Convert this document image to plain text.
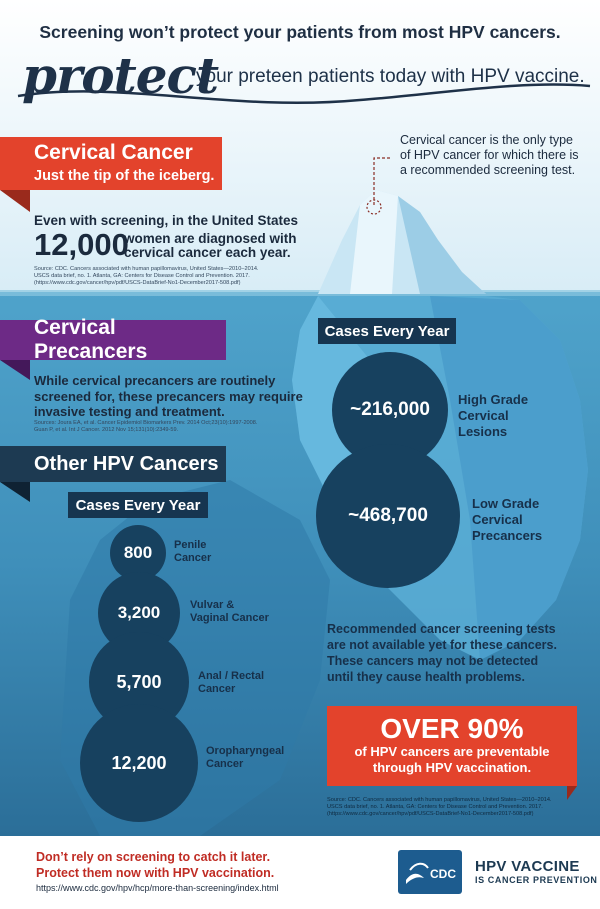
Screening won’t protect your patients from most HPV cancers.
protect
your preteen patients today with HPV vaccine.
Cervical Cancer
Just the tip of the iceberg.
Cervical cancer is the only type of HPV cancer for which there is a recommended screening test.
Even with screening, in the United States
12,000
women are diagnosed with
cervical cancer each year.
Source: CDC. Cancers associated with human papillomavirus, United States—2010–2014.
USCS data brief, no. 1. Atlanta, GA: Centers for Disease Control and Prevention. 2017.
(https://www.cdc.gov/cancer/hpv/pdf/USCS-DataBrief-No1-December2017-508.pdf)
Cervical Precancers
While cervical precancers are routinely
screened for, these precancers may require
invasive testing and treatment.
Sources: Joura EA, et al. Cancer Epidemiol Biomarkers Prev. 2014 Oct;23(10):1997-2008.
Guan P, et al. Int J Cancer. 2012 Nov 15;131(10):2349-59.
Cases Every Year
~216,000	High Grade
Cervical
Lesions
~468,700
Low Grade
Cervical
Precancers
Other HPV Cancers
Cases Every Year
800	Penile
Cancer
3,200	Vulvar &
Vaginal Cancer
5,700	Anal / Rectal
Cancer
12,200
Oropharyngeal
Cancer
Recommended cancer screening tests
are not available yet for these cancers.
These cancers may not be detected
until they cause health problems.
OVER 90%
of HPV cancers are preventable
through HPV vaccination.
Source: CDC. Cancers associated with human papillomavirus, United States—2010–2014.
USCS data brief, no. 1. Atlanta, GA: Centers for Disease Control and Prevention. 2017.
(https://www.cdc.gov/cancer/hpv/pdf/USCS-DataBrief-No1-December2017-508.pdf)
Don’t rely on screening to catch it later.
Protect them now with HPV vaccination.
https://www.cdc.gov/hpv/hcp/more-than-screening/index.html
CDC HPV VACCINE
IS CANCER PREVENTION
